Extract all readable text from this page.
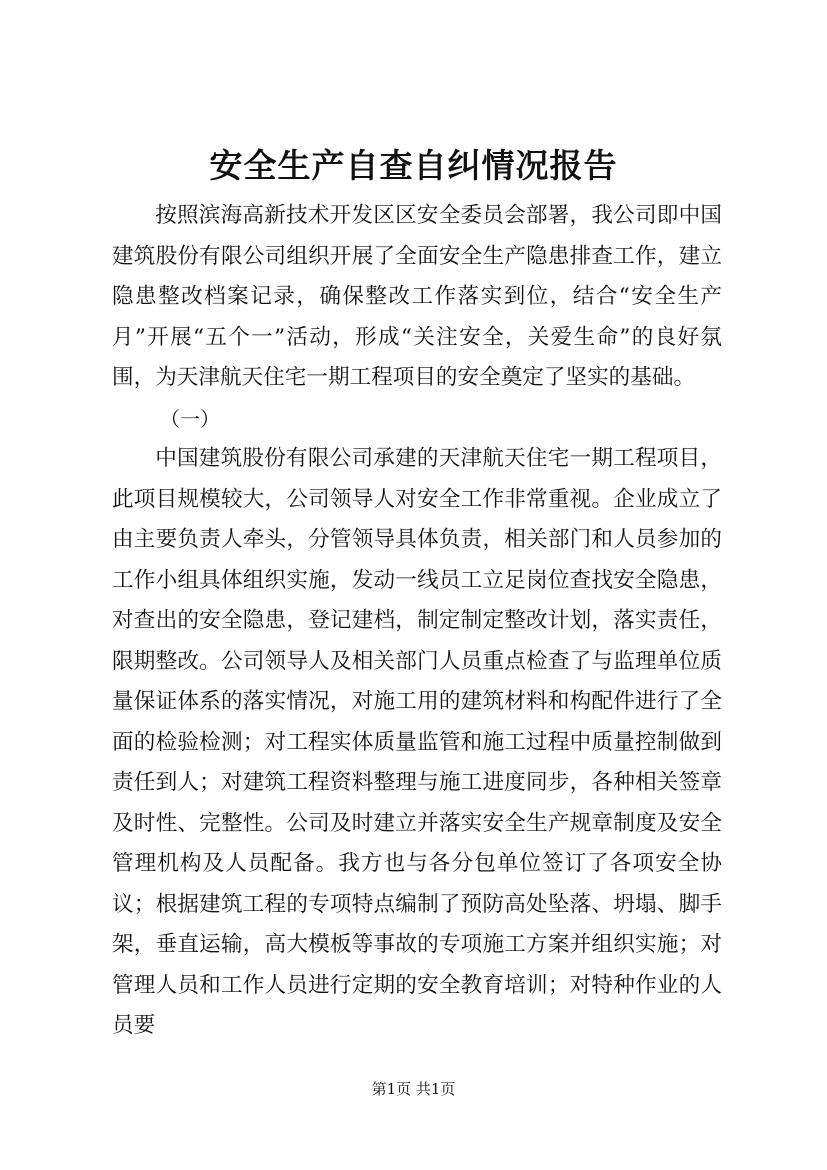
安全生产自查自纠情况报告

按照滨海高新技术开发区区安全委员会部署，我公司即中国建筑股份有限公司组织开展了全面安全生产隐患排查工作，建立隐患整改档案记录，确保整改工作落实到位，结合“安全生产月”开展“五个一”活动，形成“关注安全，关爱生命”的良好氛围，为天津航天住宅一期工程项目的安全奠定了坚实的基础。

（一）

中国建筑股份有限公司承建的天津航天住宅一期工程项目，此项目规模较大，公司领导人对安全工作非常重视。企业成立了由主要负责人牵头，分管领导具体负责，相关部门和人员参加的工作小组具体组织实施，发动一线员工立足岗位查找安全隐患，对查出的安全隐患，登记建档，制定制定整改计划，落实责任，限期整改。公司领导人及相关部门人员重点检查了与监理单位质量保证体系的落实情况，对施工用的建筑材料和构配件进行了全面的检验检测；对工程实体质量监管和施工过程中质量控制做到责任到人；对建筑工程资料整理与施工进度同步，各种相关签章及时性、完整性。公司及时建立并落实安全生产规章制度及安全管理机构及人员配备。我方也与各分包单位签订了各项安全协议；根据建筑工程的专项特点编制了预防高处坠落、坍塌、脚手架，垂直运输，高大模板等事故的专项施工方案并组织实施；对管理人员和工作人员进行定期的安全教育培训；对特种作业的人员要

第1页 共1页
